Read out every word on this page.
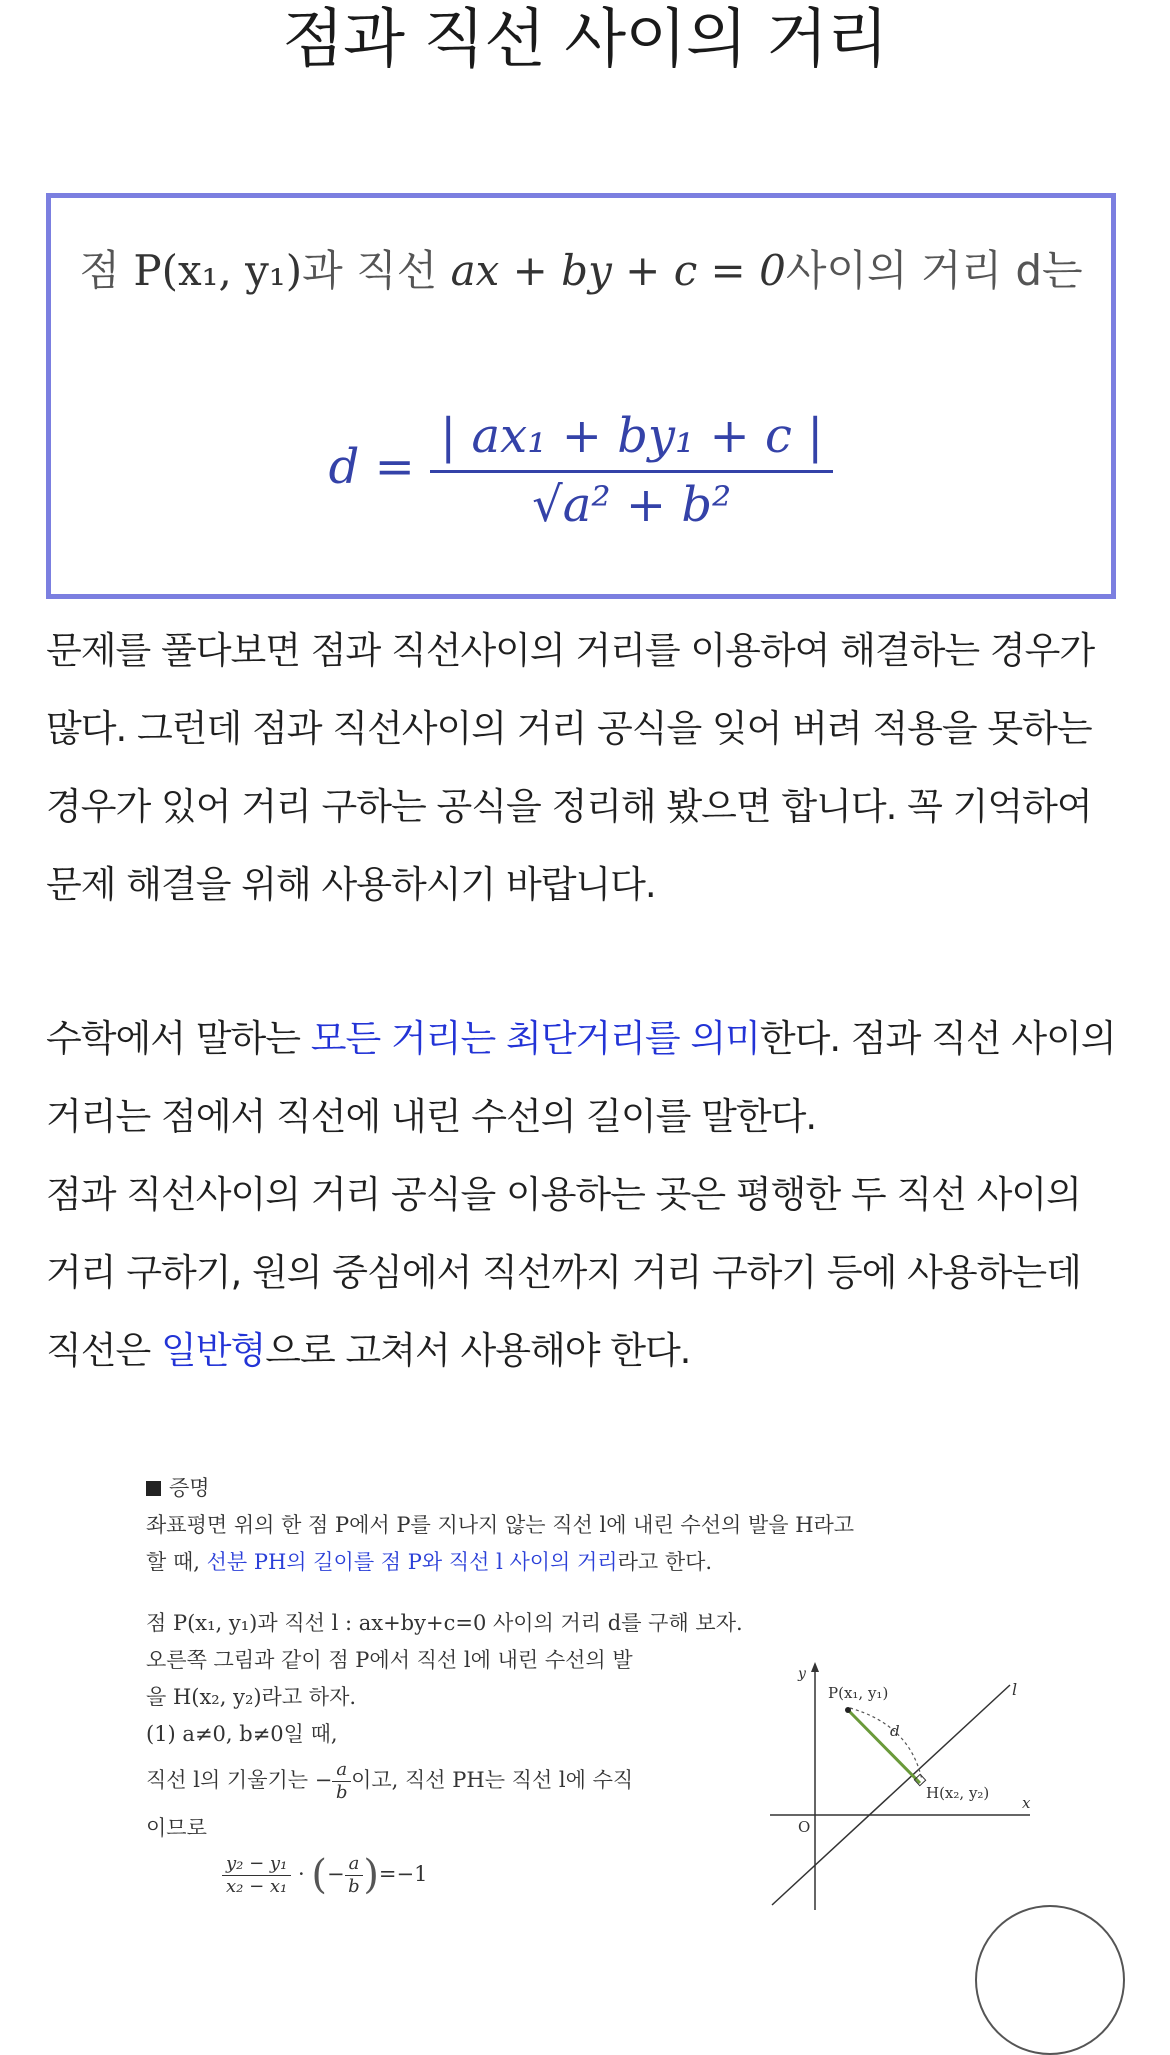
점과 직선 사이의 거리
점 P(x₁, y₁)과 직선 ax + by + c = 0사이의 거리 d는
$d = \frac{\text{| ax₁ + by₁ + c |}}{\text{√a² + b²}}$

문제를 풀다보면 점과 직선사이의 거리를 이용하여 해결하는 경우가 많다. 그런데 점과 직선사이의 거리 공식을 잊어 버려 적용을 못하는 경우가 있어 거리 구하는 공식을 정리해 봤으면 합니다. 꼭 기억하여 문제 해결을 위해 사용하시기 바랍니다.

수학에서 말하는 모든 거리는 최단거리를 의미한다. 점과 직선 사이의 거리는 점에서 직선에 내린 수선의 길이를 말한다.

점과 직선사이의 거리 공식을 이용하는 곳은 평행한 두 직선 사이의 거리 구하기, 원의 중심에서 직선까지 거리 구하기 등에 사용하는데 직선은 일반형으로 고쳐서 사용해야 한다.

증명

좌표평면 위의 한 점 P에서 P를 지나지 않는 직선 l에 내린 수선의 발을 H라고

할 때, 선분 PH의 길이를 점 P와 직선 l 사이의 거리라고 한다.

점 P(x₁, y₁)과 직선 l : ax+by+c=0 사이의 거리 d를 구해 보자.

오른쪽 그림과 같이 점 P에서 직선 l에 내린 수선의 발

을 H(x₂, y₂)라고 하자.

(1) a≠0, b≠0일 때,

직선 l의 기울기는 − $\frac{a}{b}$ 이고, 직선 PH는 직선 l에 수직

이므로

$\frac{\text{y₂ − y₁}}{\text{x₂ − x₁}}$ · (− $\frac{a}{b} )=-1$

y
x
O
P(x₁, y₁)
H(x₂, y₂)
l
d
